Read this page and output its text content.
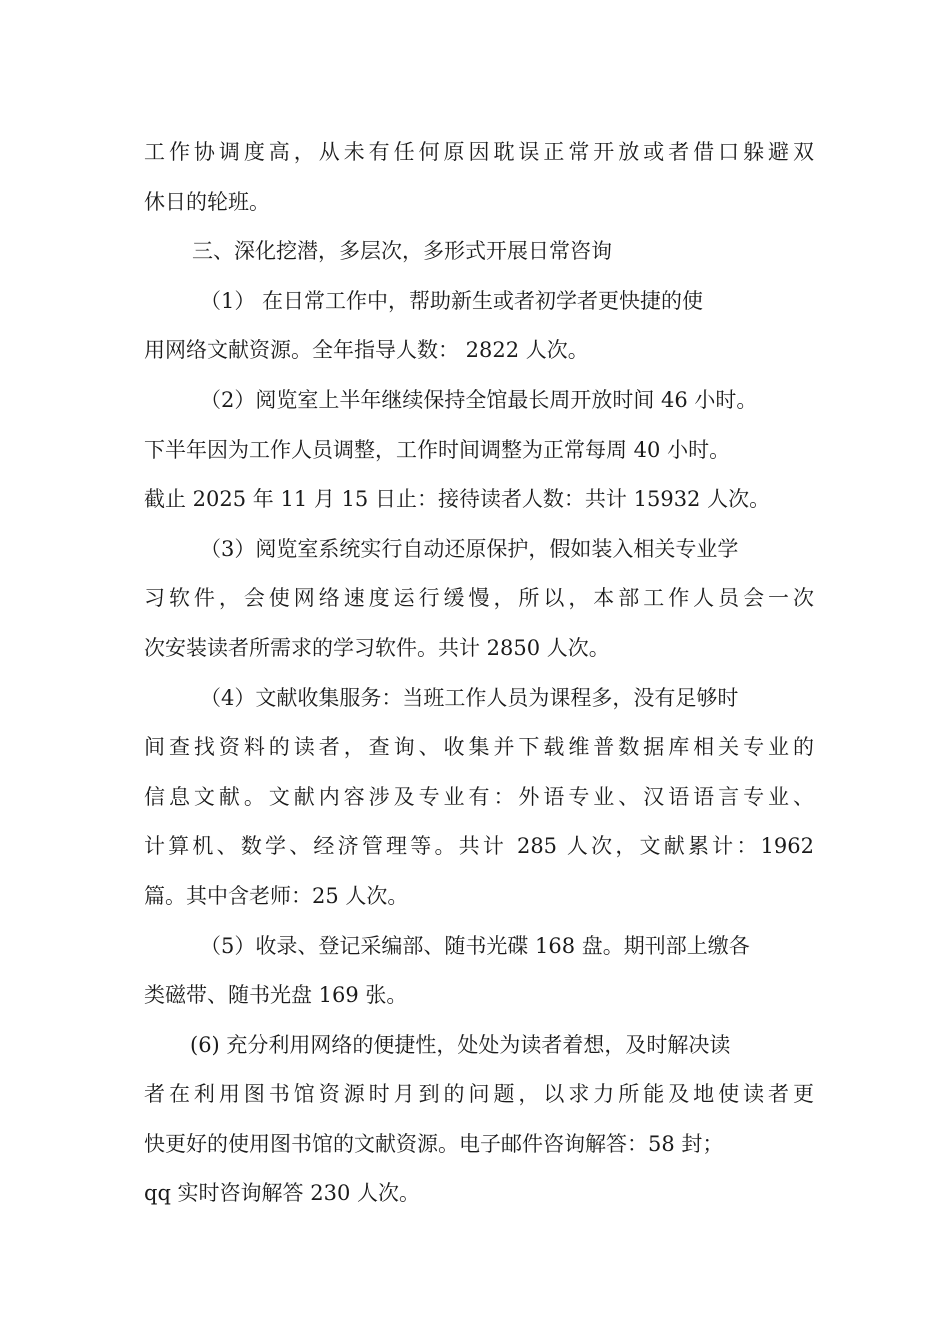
工作协调度高，从未有任何原因耽误正常开放或者借口躲避双
休日的轮班。
三、深化挖潜，多层次，多形式开展日常咨询
（1） 在日常工作中，帮助新生或者初学者更快捷的使
用网络文献资源。全年指导人数： 2822 人次。
（2）阅览室上半年继续保持全馆最长周开放时间 46 小时。
下半年因为工作人员调整，工作时间调整为正常每周 40 小时。
截止 2025 年 11 月 15 日止：接待读者人数：共计 15932 人次。
（3）阅览室系统实行自动还原保护，假如装入相关专业学
习软件，会使网络速度运行缓慢，所以，本部工作人员会一次
次安装读者所需求的学习软件。共计 2850 人次。
（4）文献收集服务：当班工作人员为课程多，没有足够时
间查找资料的读者，查询、收集并下载维普数据库相关专业的
信息文献。文献内容涉及专业有：外语专业、汉语语言专业、
计算机、数学、经济管理等。共计 285 人次，文献累计：1962
篇。其中含老师：25 人次。
（5）收录、登记采编部、随书光碟 168 盘。期刊部上缴各
类磁带、随书光盘 169 张。
(6) 充分利用网络的便捷性，处处为读者着想，及时解决读
者在利用图书馆资源时月到的问题，以求力所能及地使读者更
快更好的使用图书馆的文献资源。电子邮件咨询解答：58 封；
qq 实时咨询解答 230 人次。
